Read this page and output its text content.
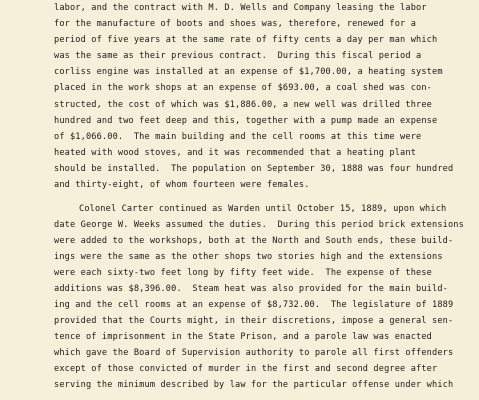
labor, and the contract with M. D. Wells and Company leasing the labor
for the manufacture of boots and shoes was, therefore, renewed for a
period of five years at the same rate of fifty cents a day per man which
was the same as their previous contract.  During this fiscal period a
corliss engine was installed at an expense of $1,700.00, a heating system
placed in the work shops at an expense of $693.00, a coal shed was con-
structed, the cost of which was $1,886.00, a new well was drilled three
hundred and two feet deep and this, together with a pump made an expense
of $1,066.00.  The main building and the cell rooms at this time were
heated with wood stoves, and it was recommended that a heating plant
should be installed.  The population on September 30, 1888 was four hundred
and thirty-eight, of whom fourteen were females.
Colonel Carter continued as Warden until October 15, 1889, upon which
date George W. Weeks assumed the duties.  During this period brick extensions
were added to the workshops, both at the North and South ends, these build-
ings were the same as the other shops two stories high and the extensions
were each sixty-two feet long by fifty feet wide.  The expense of these
additions was $8,396.00.  Steam heat was also provided for the main build-
ing and the cell rooms at an expense of $8,732.00.  The legislature of 1889
provided that the Courts might, in their discretions, impose a general sen-
tence of imprisonment in the State Prison, and a parole law was enacted
which gave the Board of Supervision authority to parole all first offenders
except of those convicted of murder in the first and second degree after
serving the minimum described by law for the particular offense under which
